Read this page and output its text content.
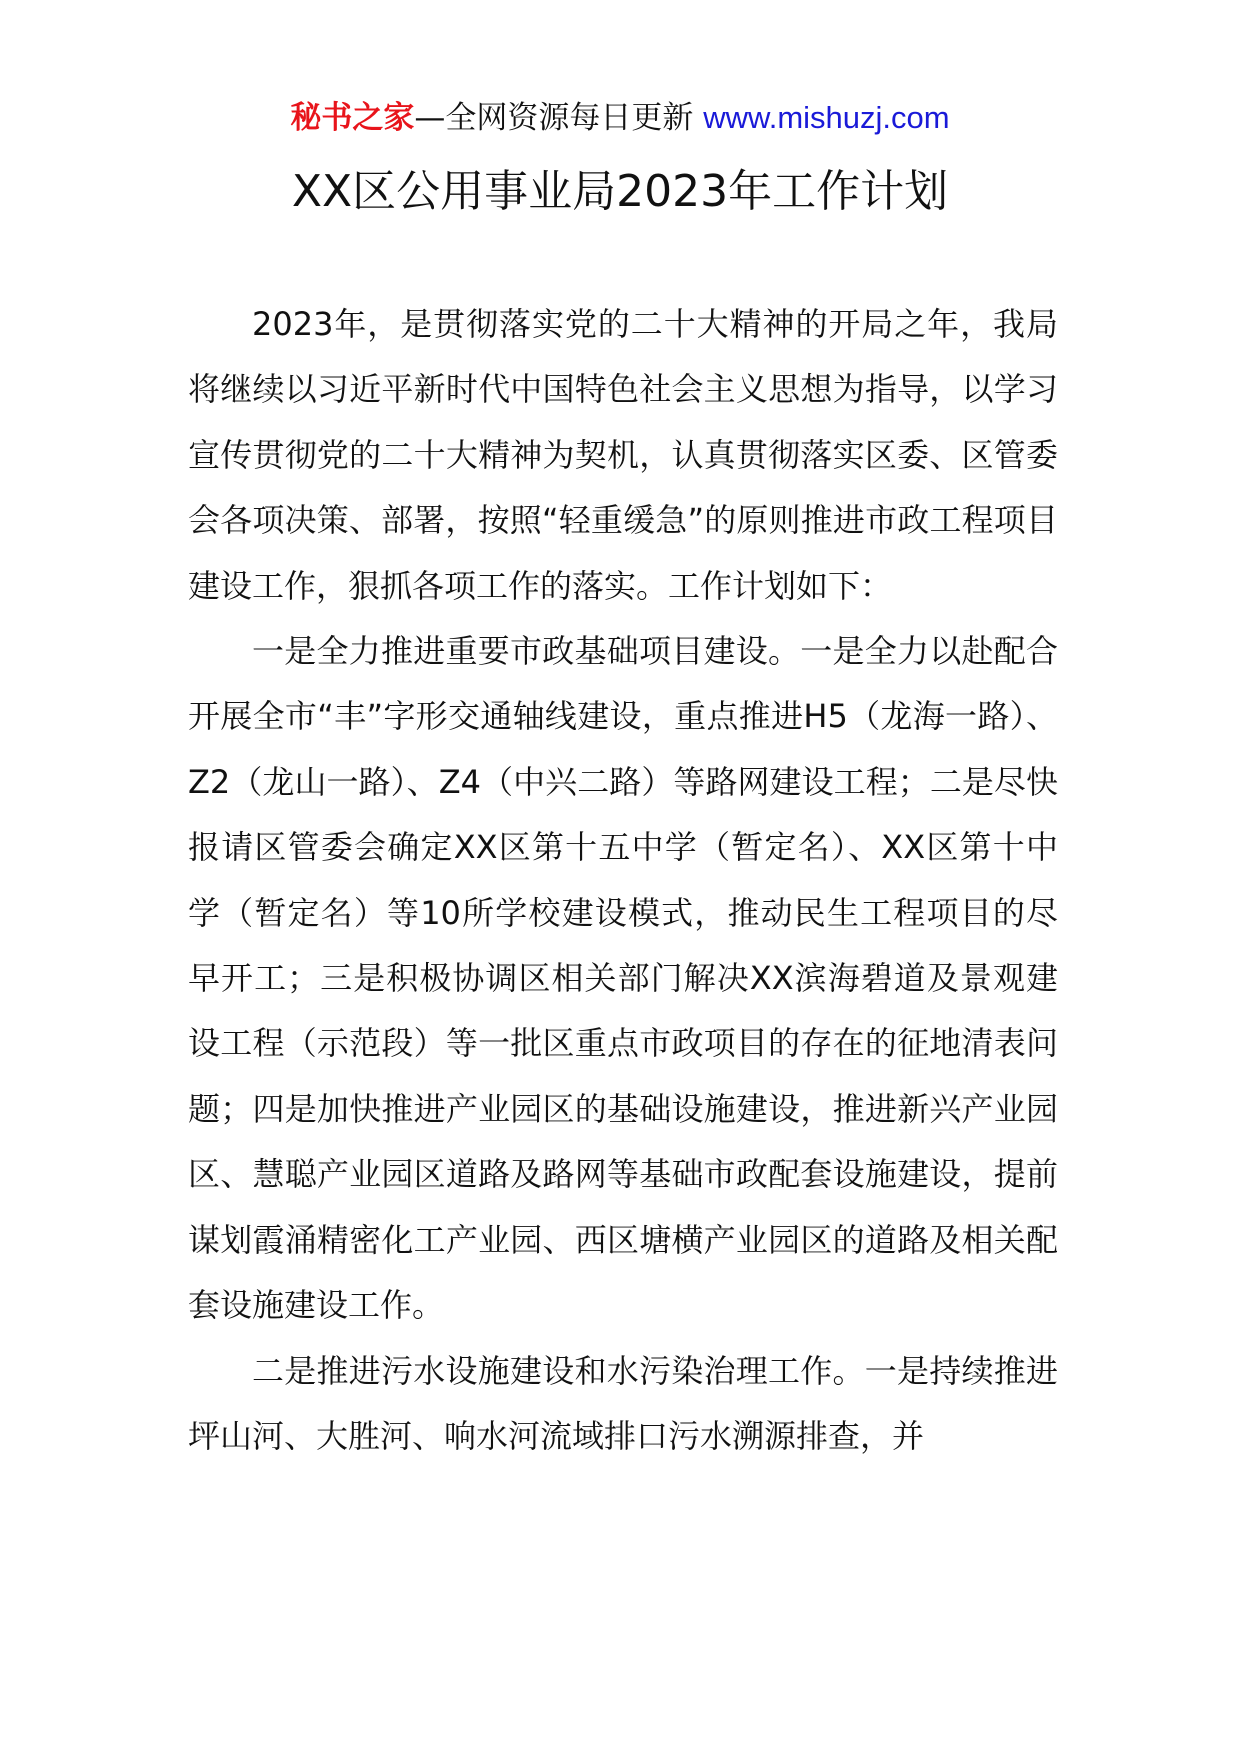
秘书之家—全网资源每日更新 www.mishuzj.com
XX区公用事业局2023年工作计划

2023年，是贯彻落实党的二十大精神的开局之年，我局将继续以习近平新时代中国特色社会主义思想为指导，以学习宣传贯彻党的二十大精神为契机，认真贯彻落实区委、区管委会各项决策、部署，按照“轻重缓急”的原则推进市政工程项目建设工作，狠抓各项工作的落实。工作计划如下：

一是全力推进重要市政基础项目建设。一是全力以赴配合开展全市“丰”字形交通轴线建设，重点推进H5（龙海一路）、Z2（龙山一路）、Z4（中兴二路）等路网建设工程；二是尽快报请区管委会确定XX区第十五中学（暂定名）、XX区第十中学（暂定名）等10所学校建设模式，推动民生工程项目的尽早开工；三是积极协调区相关部门解决XX滨海碧道及景观建设工程（示范段）等一批区重点市政项目的存在的征地清表问题；四是加快推进产业园区的基础设施建设，推进新兴产业园区、慧聪产业园区道路及路网等基础市政配套设施建设，提前谋划霞涌精密化工产业园、西区塘横产业园区的道路及相关配套设施建设工作。

二是推进污水设施建设和水污染治理工作。一是持续推进坪山河、大胜河、响水河流域排口污水溯源排查，并
